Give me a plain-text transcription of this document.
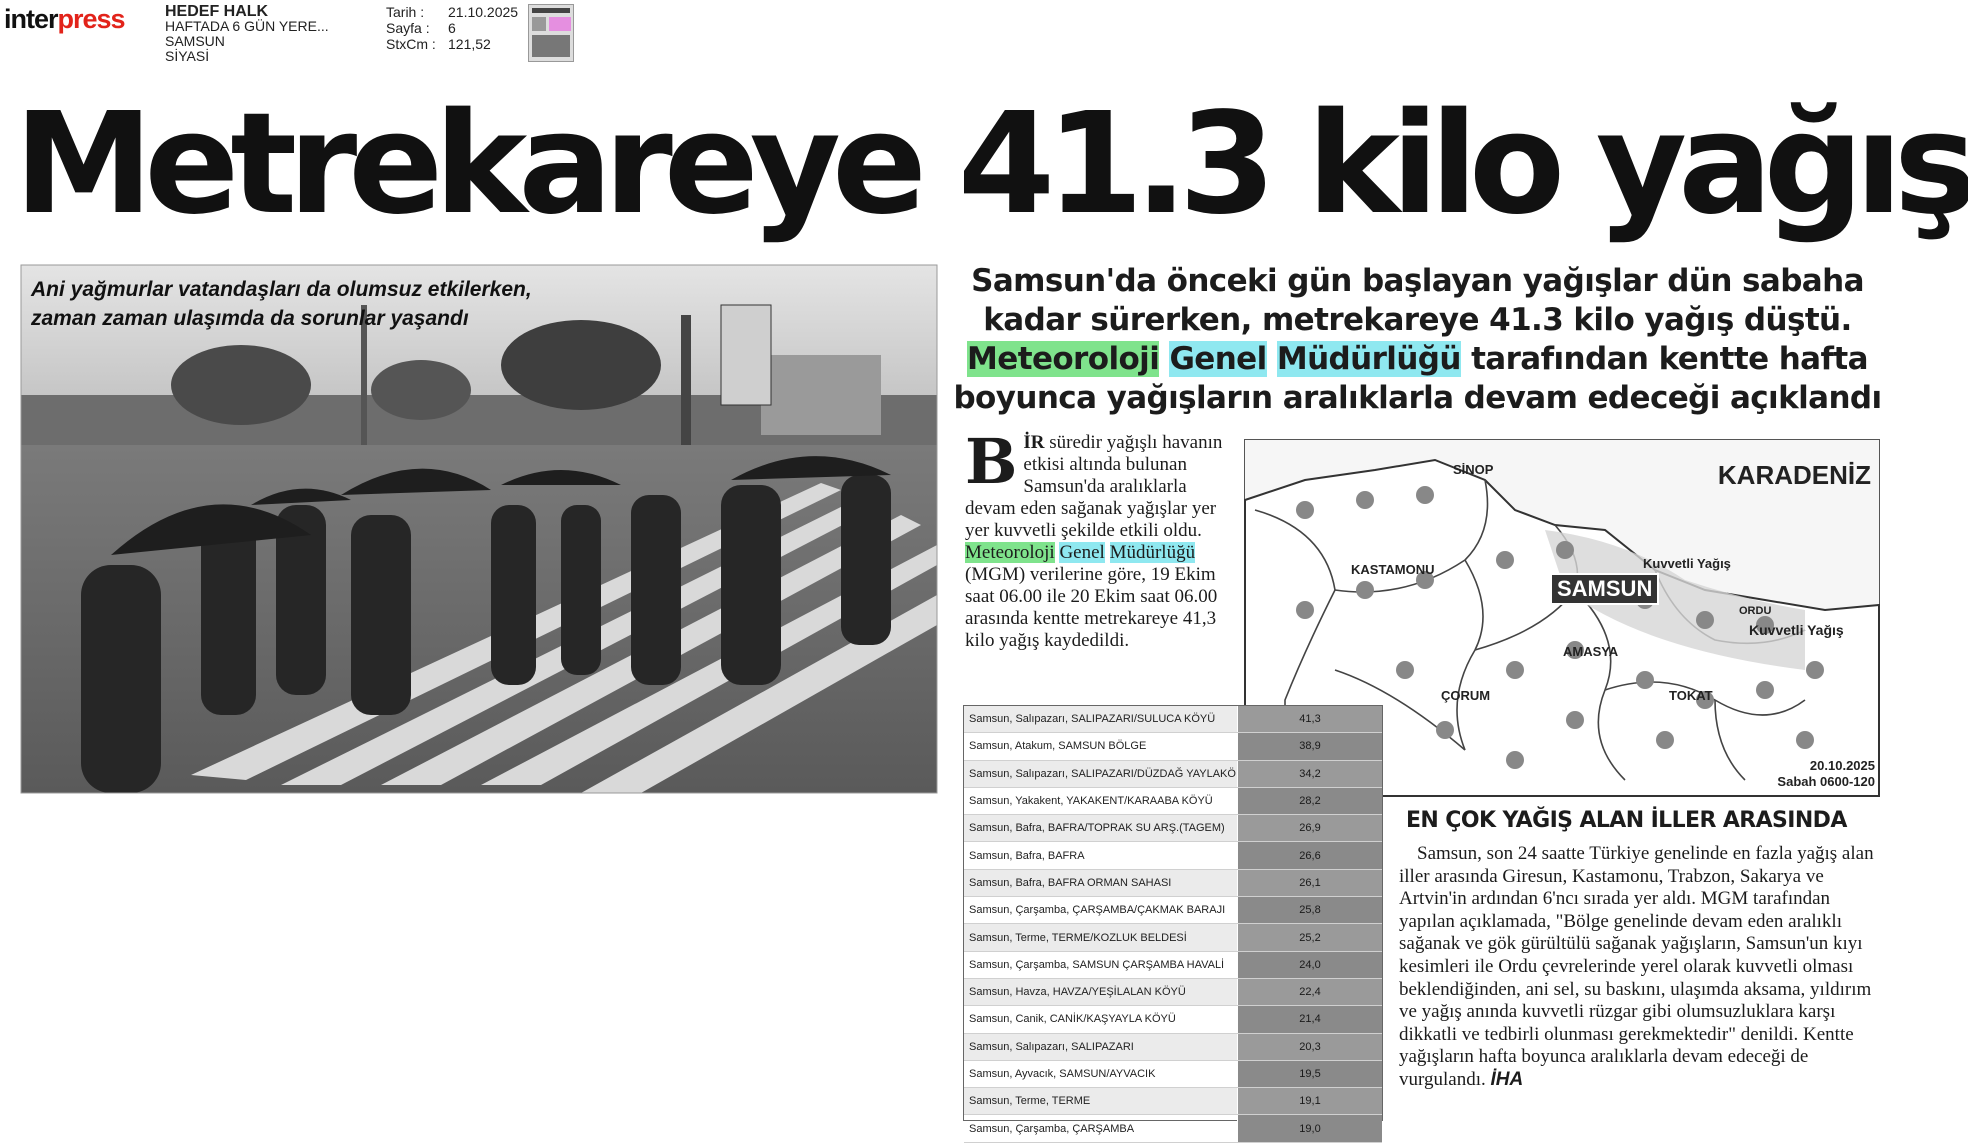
interpress	HEDEF HALK
HAFTADA 6 GÜN YERE...
SAMSUN
SİYASİ
Tarih :	21.10.2025
Sayfa :	6
StxCm : 121,52
Metrekareye 41.3 kilo yağış
Ani yağmurlar vatandaşları da olumsuz etkilerken, zaman zaman ulaşımda da sorunlar yaşandı
Samsun'da önceki gün başlayan yağışlar dün sabaha kadar sürerken, metrekareye 41.3 kilo yağış düştü. Meteoroloji Genel Müdürlüğü tarafından kentte hafta boyunca yağışların aralıklarla devam edeceği açıklandı
BİR süredir yağışlı havanın etkisi altında bulunan Samsun'da aralıklarla devam eden sağanak yağışlar yer yer kuvvetli şekilde etkili oldu. Meteoroloji Genel Müdürlüğü (MGM) verilerine göre, 19 Ekim saat 06.00 ile 20 Ekim saat 06.00 arasında kentte metrekareye 41,3 kilo yağış kaydedildi.
KARADENİZ
SİNOP
KASTAMONU
SAMSUN
AMASYA
ÇORUM	TOKAT
ORDU
Kuvvetli Yağış
Kuvvetli Yağış
20.10.2025
Sabah 0600-120
Samsun, Salıpazarı, SALIPAZARI/SULUCA KÖYÜ	41,3
Samsun, Atakum, SAMSUN BÖLGE	38,9
Samsun, Salıpazarı, SALIPAZARI/DÜZDAĞ YAYLAKÖ	34,2
Samsun, Yakakent, YAKAKENT/KARAABA KÖYÜ	28,2
Samsun, Bafra, BAFRA/TOPRAK SU ARŞ.(TAGEM)	26,9
Samsun, Bafra, BAFRA	26,6
Samsun, Bafra, BAFRA ORMAN SAHASI	26,1
Samsun, Çarşamba, ÇARŞAMBA/ÇAKMAK BARAJI	25,8
Samsun, Terme, TERME/KOZLUK BELDESİ	25,2
Samsun, Çarşamba, SAMSUN ÇARŞAMBA HAVALİ	24,0
Samsun, Havza, HAVZA/YEŞİLALAN KÖYÜ	22,4
Samsun, Canik, CANİK/KAŞYAYLA KÖYÜ	21,4
Samsun, Salıpazarı, SALIPAZARI	20,3
Samsun, Ayvacık, SAMSUN/AYVACIK	19,5
Samsun, Terme, TERME	19,1
Samsun, Çarşamba, ÇARŞAMBA	19,0
EN ÇOK YAĞIŞ ALAN İLLER ARASINDA
Samsun, son 24 saatte Türkiye genelinde en fazla yağış alan iller arasında Giresun, Kastamonu, Trabzon, Sakarya ve Artvin'in ardından 6'ncı sırada yer aldı. MGM tarafından yapılan açıklamada, "Bölge genelinde devam eden aralıklı sağanak ve gök gürültülü sağanak yağışların, Samsun'un kıyı kesimleri ile Ordu çevrelerinde yerel olarak kuvvetli olması beklendiğinden, ani sel, su baskını, ulaşımda aksama, yıldırım ve yağış anında kuvvetli rüzgar gibi olumsuzluklara karşı dikkatli ve tedbirli olunması gerekmektedir" denildi. Kentte yağışların hafta boyunca aralıklarla devam edeceği de vurgulandı. İHA
